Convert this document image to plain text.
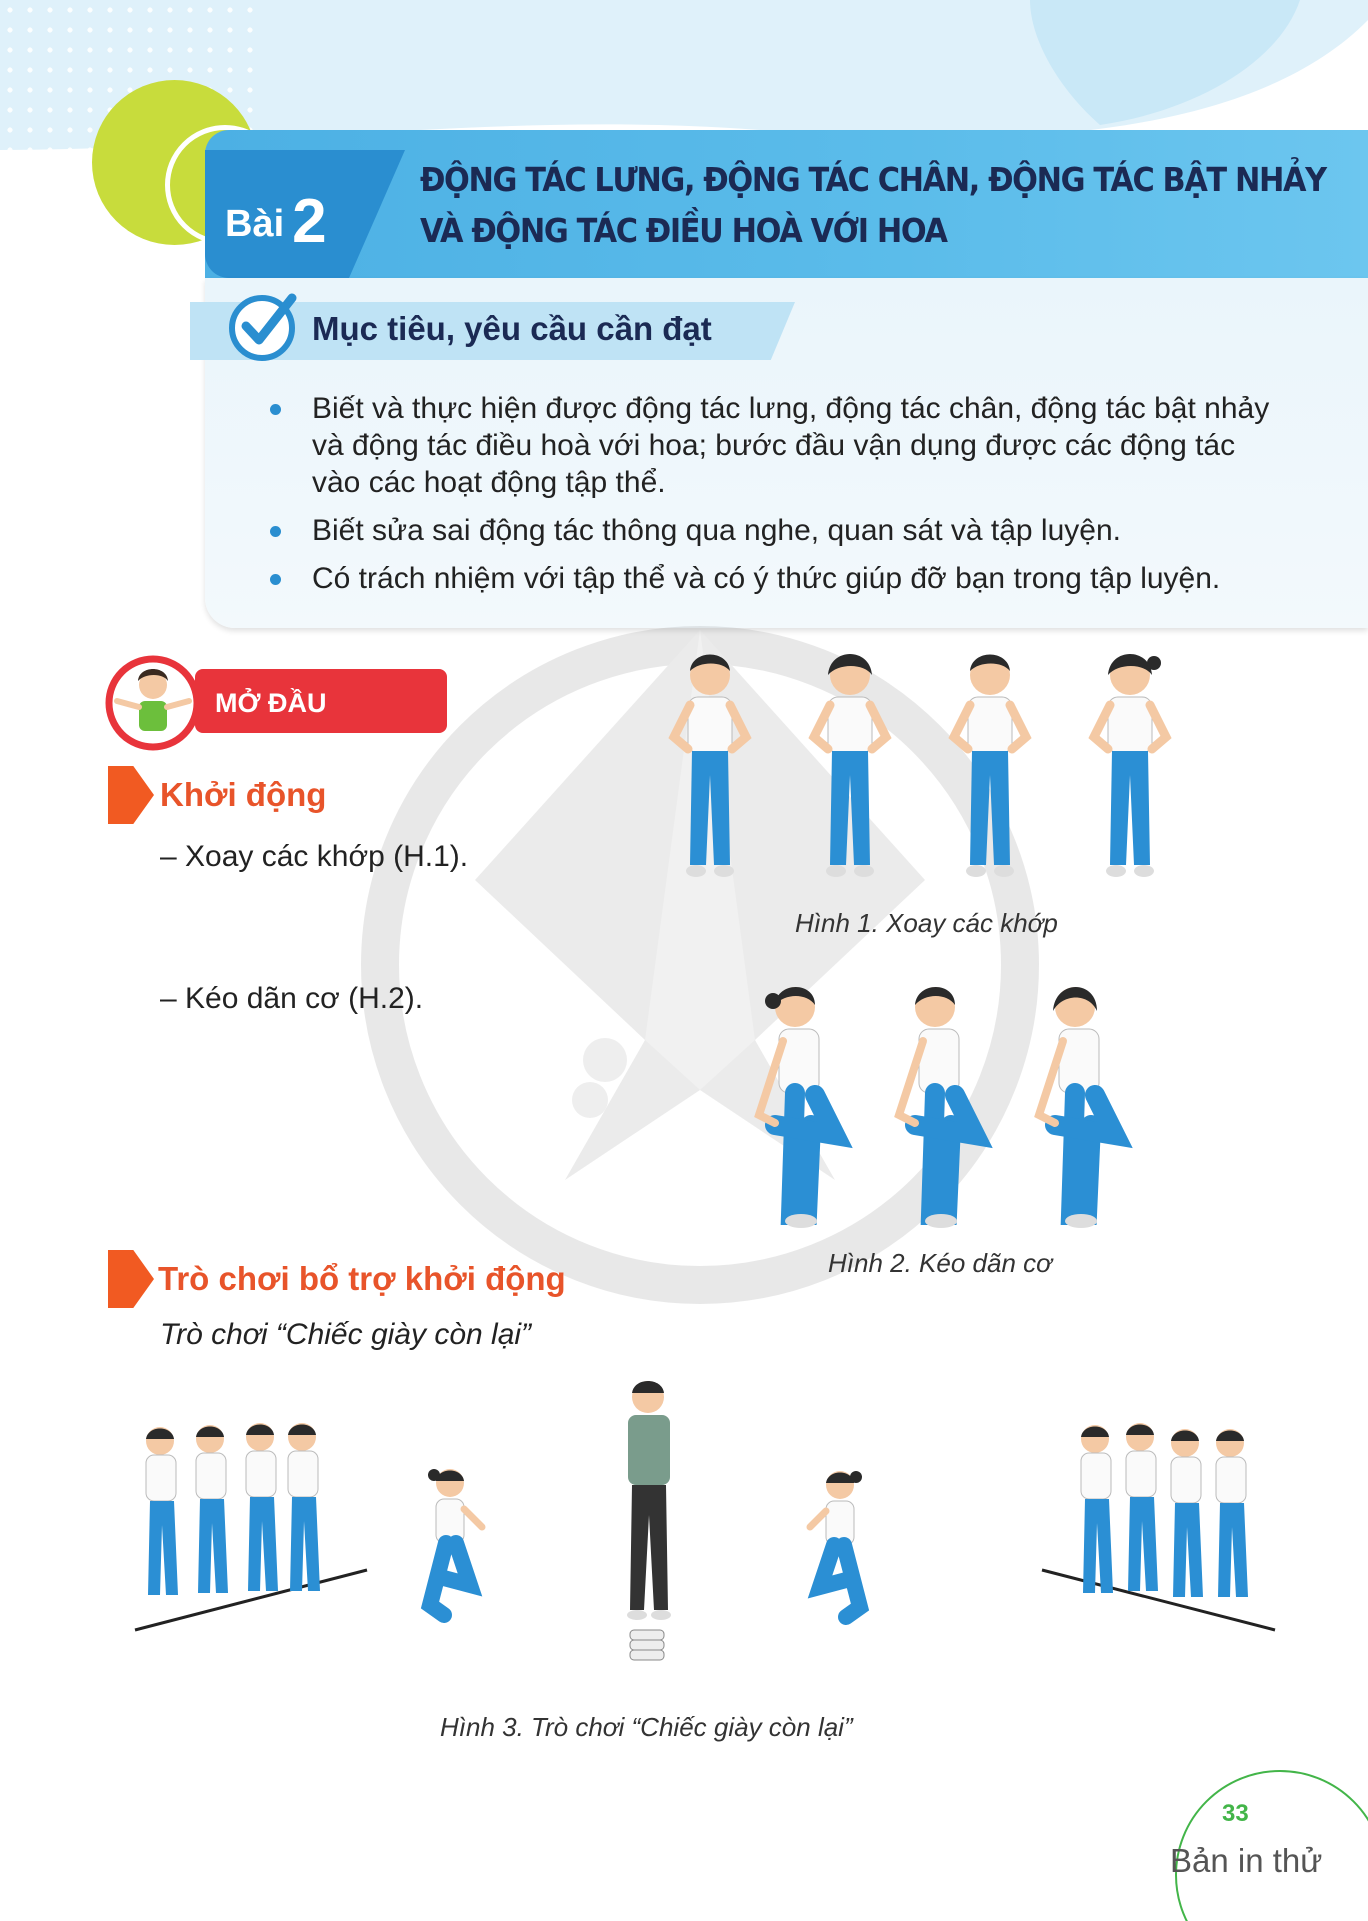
Bài 2
ĐỘNG TÁC LƯNG, ĐỘNG TÁC CHÂN, ĐỘNG TÁC BẬT NHẢY
VÀ ĐỘNG TÁC ĐIỀU HOÀ VỚI HOA
Mục tiêu, yêu cầu cần đạt
Biết và thực hiện được động tác lưng, động tác chân, động tác bật nhảy và động tác điều hoà với hoa; bước đầu vận dụng được các động tác vào các hoạt động tập thể.
Biết sửa sai động tác thông qua nghe, quan sát và tập luyện.
Có trách nhiệm với tập thể và có ý thức giúp đỡ bạn trong tập luyện.
MỞ ĐẦU
Khởi động
– Xoay các khớp (H.1).
– Kéo dãn cơ (H.2).
Hình 1. Xoay các khớp
Hình 2. Kéo dãn cơ
Trò chơi bổ trợ khởi động
Trò chơi “Chiếc giày còn lại”
Hình 3. Trò chơi “Chiếc giày còn lại”
33
Bản in thử
